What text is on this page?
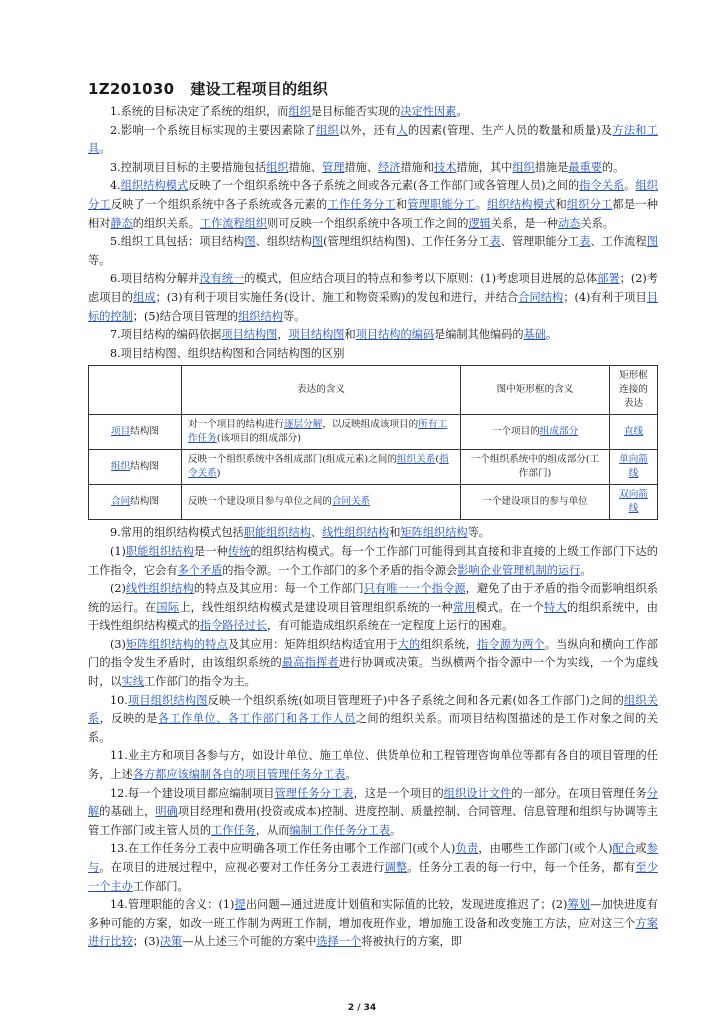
1Z201030 建设工程项目的组织

1.系统的目标决定了系统的组织，而组织是目标能否实现的决定性因素。

2.影响一个系统目标实现的主要因素除了组织以外，还有人的因素(管理、生产人员的数量和质量)及方法和工具。

3.控制项目目标的主要措施包括组织措施、管理措施、经济措施和技术措施，其中组织措施是最重要的。

4.组织结构模式反映了一个组织系统中各子系统之间或各元素(各工作部门或各管理人员)之间的指令关系。组织分工反映了一个组织系统中各子系统或各元素的工作任务分工和管理职能分工。组织结构模式和组织分工都是一种相对静态的组织关系。工作流程组织则可反映一个组织系统中各项工作之间的逻辑关系，是一种动态关系。

5.组织工具包括：项目结构图、组织结构图(管理组织结构图)、工作任务分工表、管理职能分工表、工作流程图等。

6.项目结构分解并没有统一的模式，但应结合项目的特点和参考以下原则：(1)考虑项目进展的总体部署；(2)考虑项目的组成；(3)有利于项目实施任务(设计、施工和物资采购)的发包和进行，并结合合同结构；(4)有利于项目目标的控制；(5)结合项目管理的组织结构等。

7.项目结构的编码依据项目结构图，项目结构图和项目结构的编码是编制其他编码的基础。

8.项目结构图、组织结构图和合同结构图的区别

	表达的含义	图中矩形框的含义	矩形框连接的表达
项目结构图	对一个项目的结构进行逐层分解，以反映组成该项目的所有工作任务(该项目的组成部分)	一个项目的组成部分	直线
组织结构图	反映一个组织系统中各组成部门(组成元素)之间的组织关系(指令关系)	一个组织系统中的组成部分(工作部门)	单向箭线
合同结构图	反映一个建设项目参与单位之间的合同关系	一个建设项目的参与单位	双向箭线

9.常用的组织结构模式包括职能组织结构、线性组织结构和矩阵组织结构等。

(1)职能组织结构是一种传统的组织结构模式。每一个工作部门可能得到其直接和非直接的上级工作部门下达的工作指令，它会有多个矛盾的指令源。一个工作部门的多个矛盾的指令源会影响企业管理机制的运行。

(2)线性组织结构的特点及其应用：每一个工作部门只有唯一一个指令源，避免了由于矛盾的指令而影响组织系统的运行。在国际上，线性组织结构模式是建设项目管理组织系统的一种常用模式。在一个特大的组织系统中，由于线性组织结构模式的指令路径过长，有可能造成组织系统在一定程度上运行的困难。

(3)矩阵组织结构的特点及其应用：矩阵组织结构适宜用于大的组织系统，指令源为两个。当纵向和横向工作部门的指令发生矛盾时，由该组织系统的最高指挥者进行协调或决策。当纵横两个指令源中一个为实线，一个为虚线时，以实线工作部门的指令为主。

10.项目组织结构图反映一个组织系统(如项目管理班子)中各子系统之间和各元素(如各工作部门)之间的组织关系，反映的是各工作单位、各工作部门和各工作人员之间的组织关系。而项目结构图描述的是工作对象之间的关系。

11.业主方和项目各参与方，如设计单位、施工单位、供货单位和工程管理咨询单位等都有各自的项目管理的任务，上述各方都应该编制各自的项目管理任务分工表。

12.每一个建设项目都应编制项目管理任务分工表，这是一个项目的组织设计文件的一部分。在项目管理任务分解的基础上，明确项目经理和费用(投资或成本)控制、进度控制、质量控制、合同管理、信息管理和组织与协调等主管工作部门或主管人员的工作任务，从而编制工作任务分工表。

13.在工作任务分工表中应明确各项工作任务由哪个工作部门(或个人)负责，由哪些工作部门(或个人)配合或参与。在项目的进展过程中，应视必要对工作任务分工表进行调整。任务分工表的每一行中，每一个任务，都有至少一个主办工作部门。

14.管理职能的含义：(1)提出问题—通过进度计划值和实际值的比较，发现进度推迟了；(2)筹划—加快进度有多种可能的方案，如改一班工作制为两班工作制，增加夜班作业，增加施工设备和改变施工方法，应对这三个方案进行比较；(3)决策—从上述三个可能的方案中选择一个将被执行的方案，即

2 / 34
